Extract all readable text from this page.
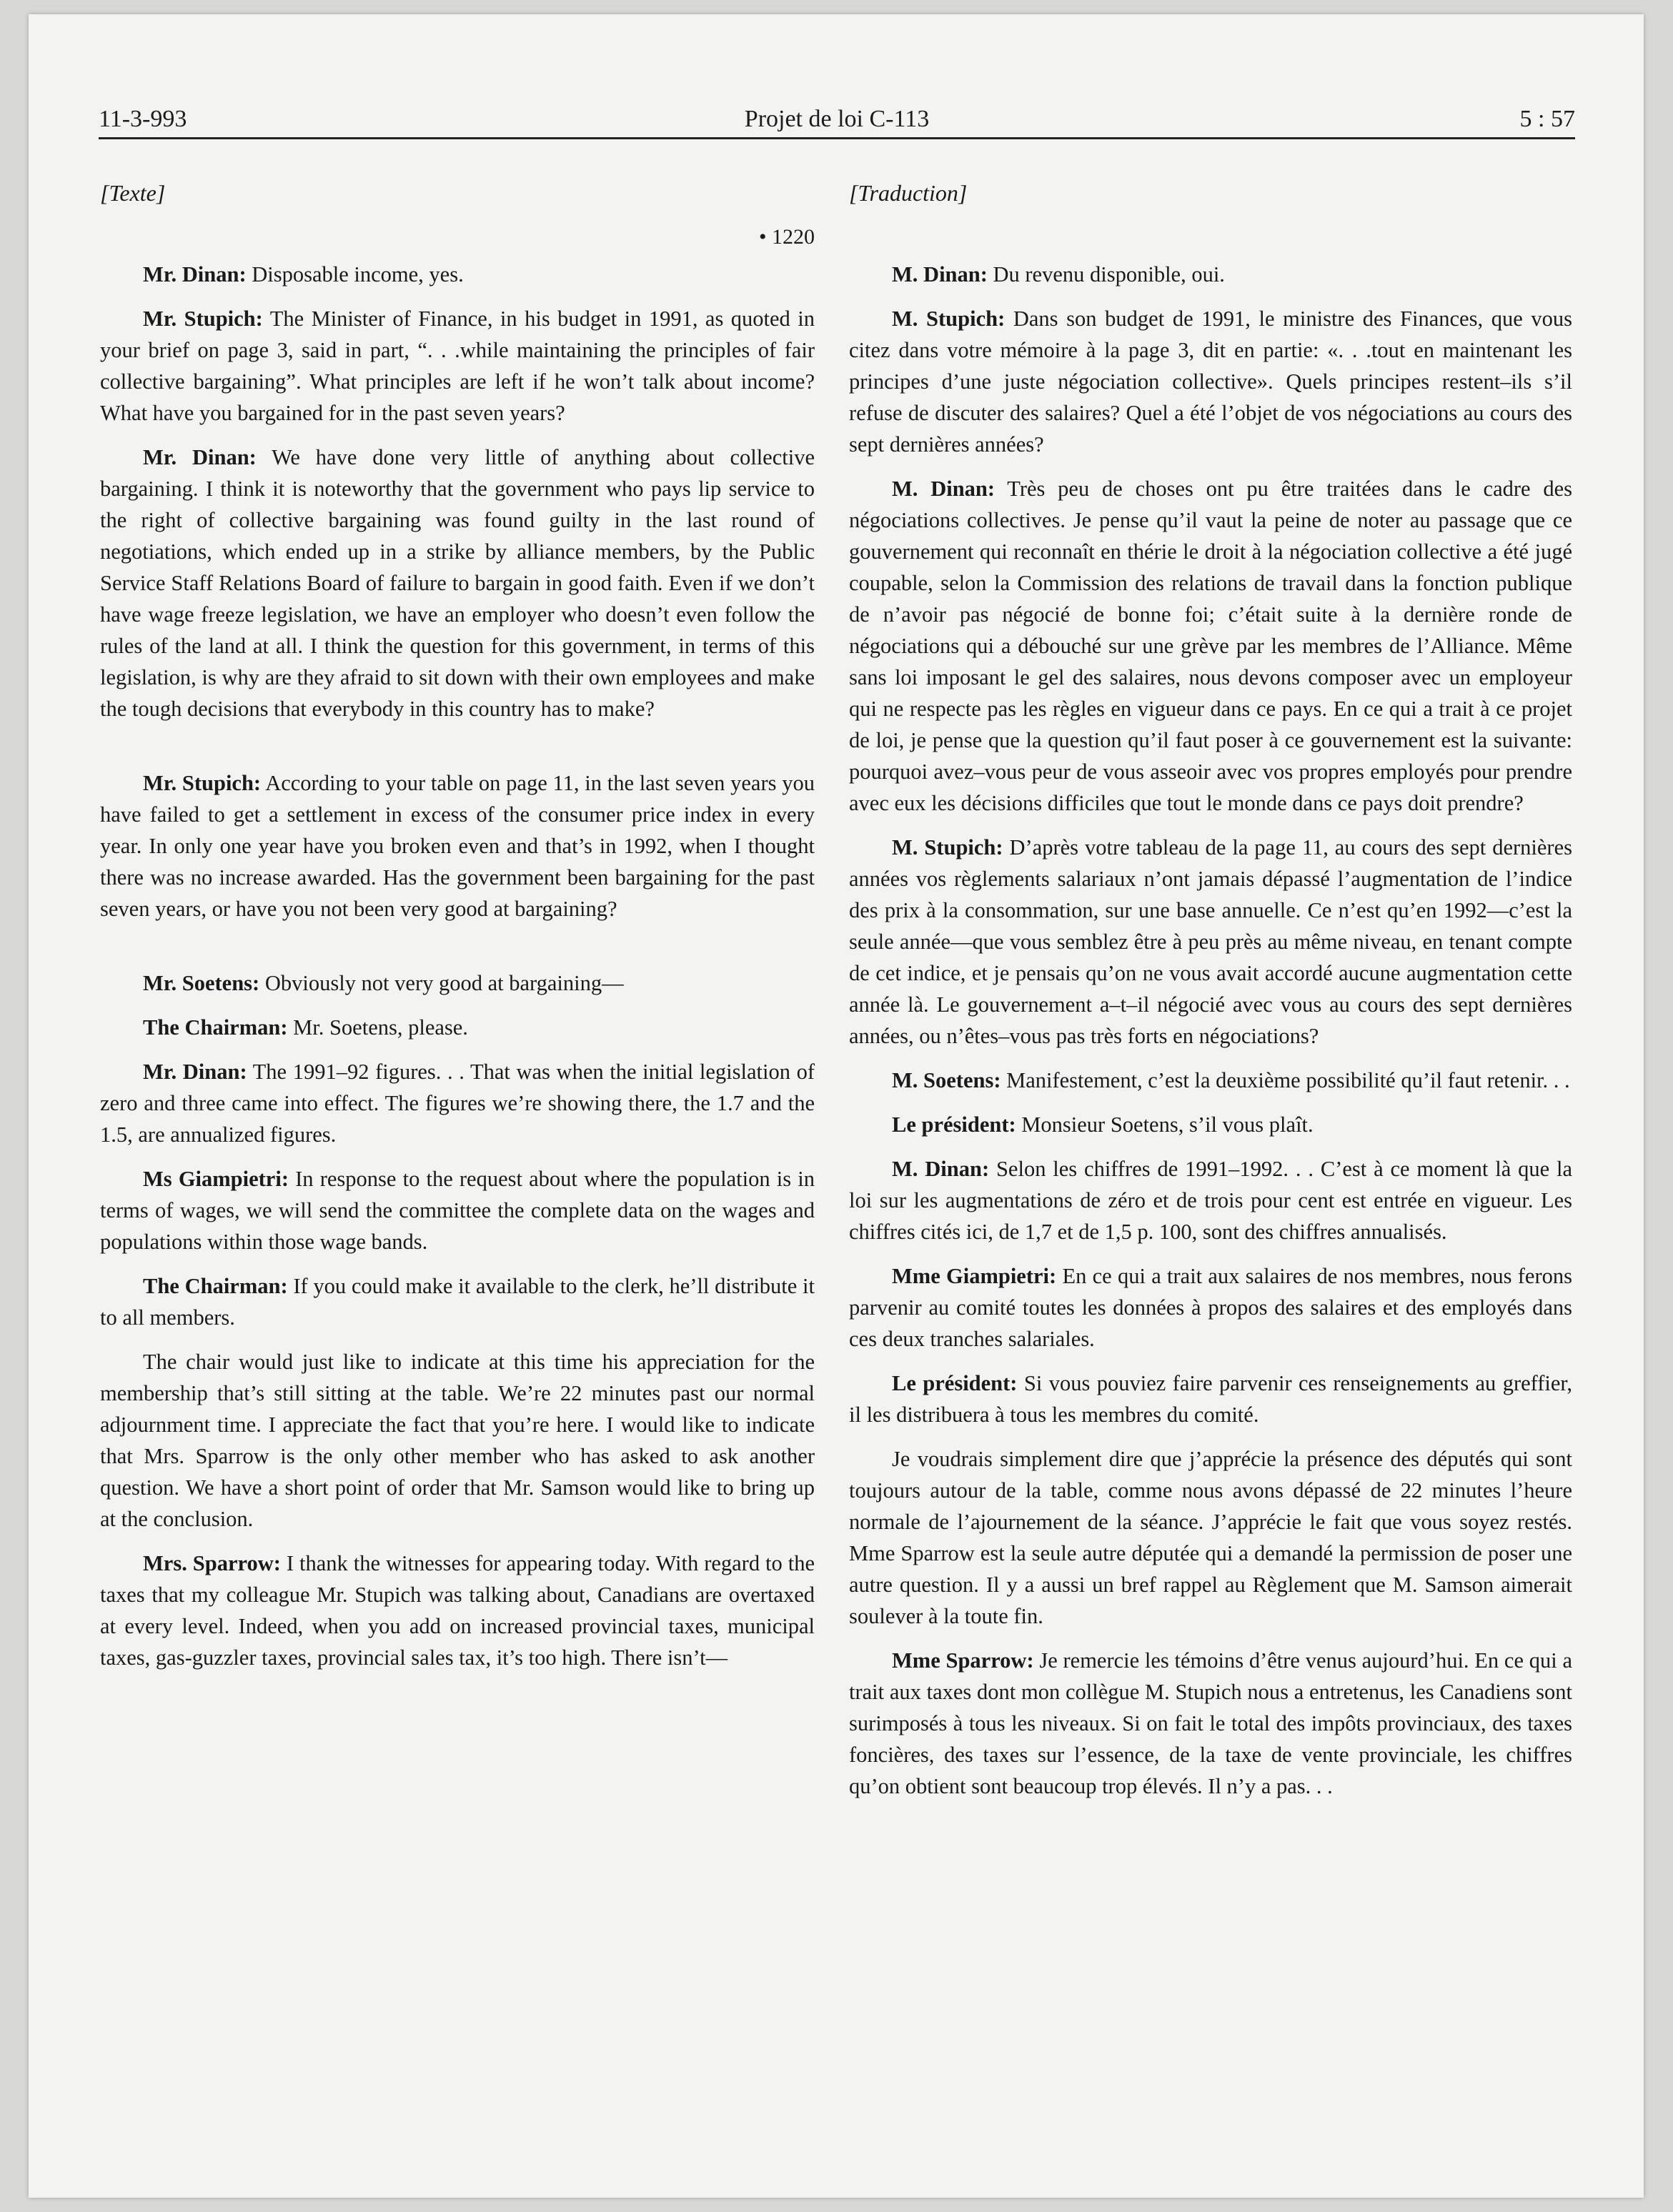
11-3-993	Projet de loi C-113	5 : 57
[Texte]
• 1220

Mr. Dinan: Disposable income, yes.

Mr. Stupich: The Minister of Finance, in his budget in 1991, as quoted in your brief on page 3, said in part, “. . .while maintaining the principles of fair collective bargaining”. What principles are left if he won’t talk about income? What have you bargained for in the past seven years?

Mr. Dinan: We have done very little of anything about collective bargaining. I think it is noteworthy that the government who pays lip service to the right of collective bargaining was found guilty in the last round of negotiations, which ended up in a strike by alliance members, by the Public Service Staff Relations Board of failure to bargain in good faith. Even if we don’t have wage freeze legislation, we have an employer who doesn’t even follow the rules of the land at all. I think the question for this government, in terms of this legislation, is why are they afraid to sit down with their own employees and make the tough decisions that everybody in this country has to make?

Mr. Stupich: According to your table on page 11, in the last seven years you have failed to get a settlement in excess of the consumer price index in every year. In only one year have you broken even and that’s in 1992, when I thought there was no increase awarded. Has the government been bargaining for the past seven years, or have you not been very good at bargaining?

Mr. Soetens: Obviously not very good at bargaining—

The Chairman: Mr. Soetens, please.

Mr. Dinan: The 1991–92 figures. . . That was when the initial legislation of zero and three came into effect. The figures we’re showing there, the 1.7 and the 1.5, are annualized figures.

Ms Giampietri: In response to the request about where the population is in terms of wages, we will send the committee the complete data on the wages and populations within those wage bands.

The Chairman: If you could make it available to the clerk, he’ll distribute it to all members.

The chair would just like to indicate at this time his appreciation for the membership that’s still sitting at the table. We’re 22 minutes past our normal adjournment time. I appreciate the fact that you’re here. I would like to indicate that Mrs. Sparrow is the only other member who has asked to ask another question. We have a short point of order that Mr. Samson would like to bring up at the conclusion.

Mrs. Sparrow: I thank the witnesses for appearing today. With regard to the taxes that my colleague Mr. Stupich was talking about, Canadians are overtaxed at every level. Indeed, when you add on increased provincial taxes, municipal taxes, gas-guzzler taxes, provincial sales tax, it’s too high. There isn’t—

[Traduction]

M. Dinan: Du revenu disponible, oui.

M. Stupich: Dans son budget de 1991, le ministre des Finances, que vous citez dans votre mémoire à la page 3, dit en partie: «. . .tout en maintenant les principes d’une juste négociation collective». Quels principes restent–ils s’il refuse de discuter des salaires? Quel a été l’objet de vos négociations au cours des sept dernières années?

M. Dinan: Très peu de choses ont pu être traitées dans le cadre des négociations collectives. Je pense qu’il vaut la peine de noter au passage que ce gouvernement qui reconnaît en thérie le droit à la négociation collective a été jugé coupable, selon la Commission des relations de travail dans la fonction publique de n’avoir pas négocié de bonne foi; c’était suite à la dernière ronde de négociations qui a débouché sur une grève par les membres de l’Alliance. Même sans loi imposant le gel des salaires, nous devons composer avec un employeur qui ne respecte pas les règles en vigueur dans ce pays. En ce qui a trait à ce projet de loi, je pense que la question qu’il faut poser à ce gouvernement est la suivante: pourquoi avez–vous peur de vous asseoir avec vos propres employés pour prendre avec eux les décisions difficiles que tout le monde dans ce pays doit prendre?

M. Stupich: D’après votre tableau de la page 11, au cours des sept dernières années vos règlements salariaux n’ont jamais dépassé l’augmentation de l’indice des prix à la consommation, sur une base annuelle. Ce n’est qu’en 1992—c’est la seule année—que vous semblez être à peu près au même niveau, en tenant compte de cet indice, et je pensais qu’on ne vous avait accordé aucune augmentation cette année là. Le gouvernement a–t–il négocié avec vous au cours des sept dernières années, ou n’êtes–vous pas très forts en négociations?

M. Soetens: Manifestement, c’est la deuxième possibilité qu’il faut retenir. . .

Le président: Monsieur Soetens, s’il vous plaît.

M. Dinan: Selon les chiffres de 1991–1992. . . C’est à ce moment là que la loi sur les augmentations de zéro et de trois pour cent est entrée en vigueur. Les chiffres cités ici, de 1,7 et de 1,5 p. 100, sont des chiffres annualisés.

Mme Giampietri: En ce qui a trait aux salaires de nos membres, nous ferons parvenir au comité toutes les données à propos des salaires et des employés dans ces deux tranches salariales.

Le président: Si vous pouviez faire parvenir ces renseignements au greffier, il les distribuera à tous les membres du comité.

Je voudrais simplement dire que j’apprécie la présence des députés qui sont toujours autour de la table, comme nous avons dépassé de 22 minutes l’heure normale de l’ajournement de la séance. J’apprécie le fait que vous soyez restés. Mme Sparrow est la seule autre députée qui a demandé la permission de poser une autre question. Il y a aussi un bref rappel au Règlement que M. Samson aimerait soulever à la toute fin.

Mme Sparrow: Je remercie les témoins d’être venus aujourd’hui. En ce qui a trait aux taxes dont mon collègue M. Stupich nous a entretenus, les Canadiens sont surimposés à tous les niveaux. Si on fait le total des impôts provinciaux, des taxes foncières, des taxes sur l’essence, de la taxe de vente provinciale, les chiffres qu’on obtient sont beaucoup trop élevés. Il n’y a pas. . .
